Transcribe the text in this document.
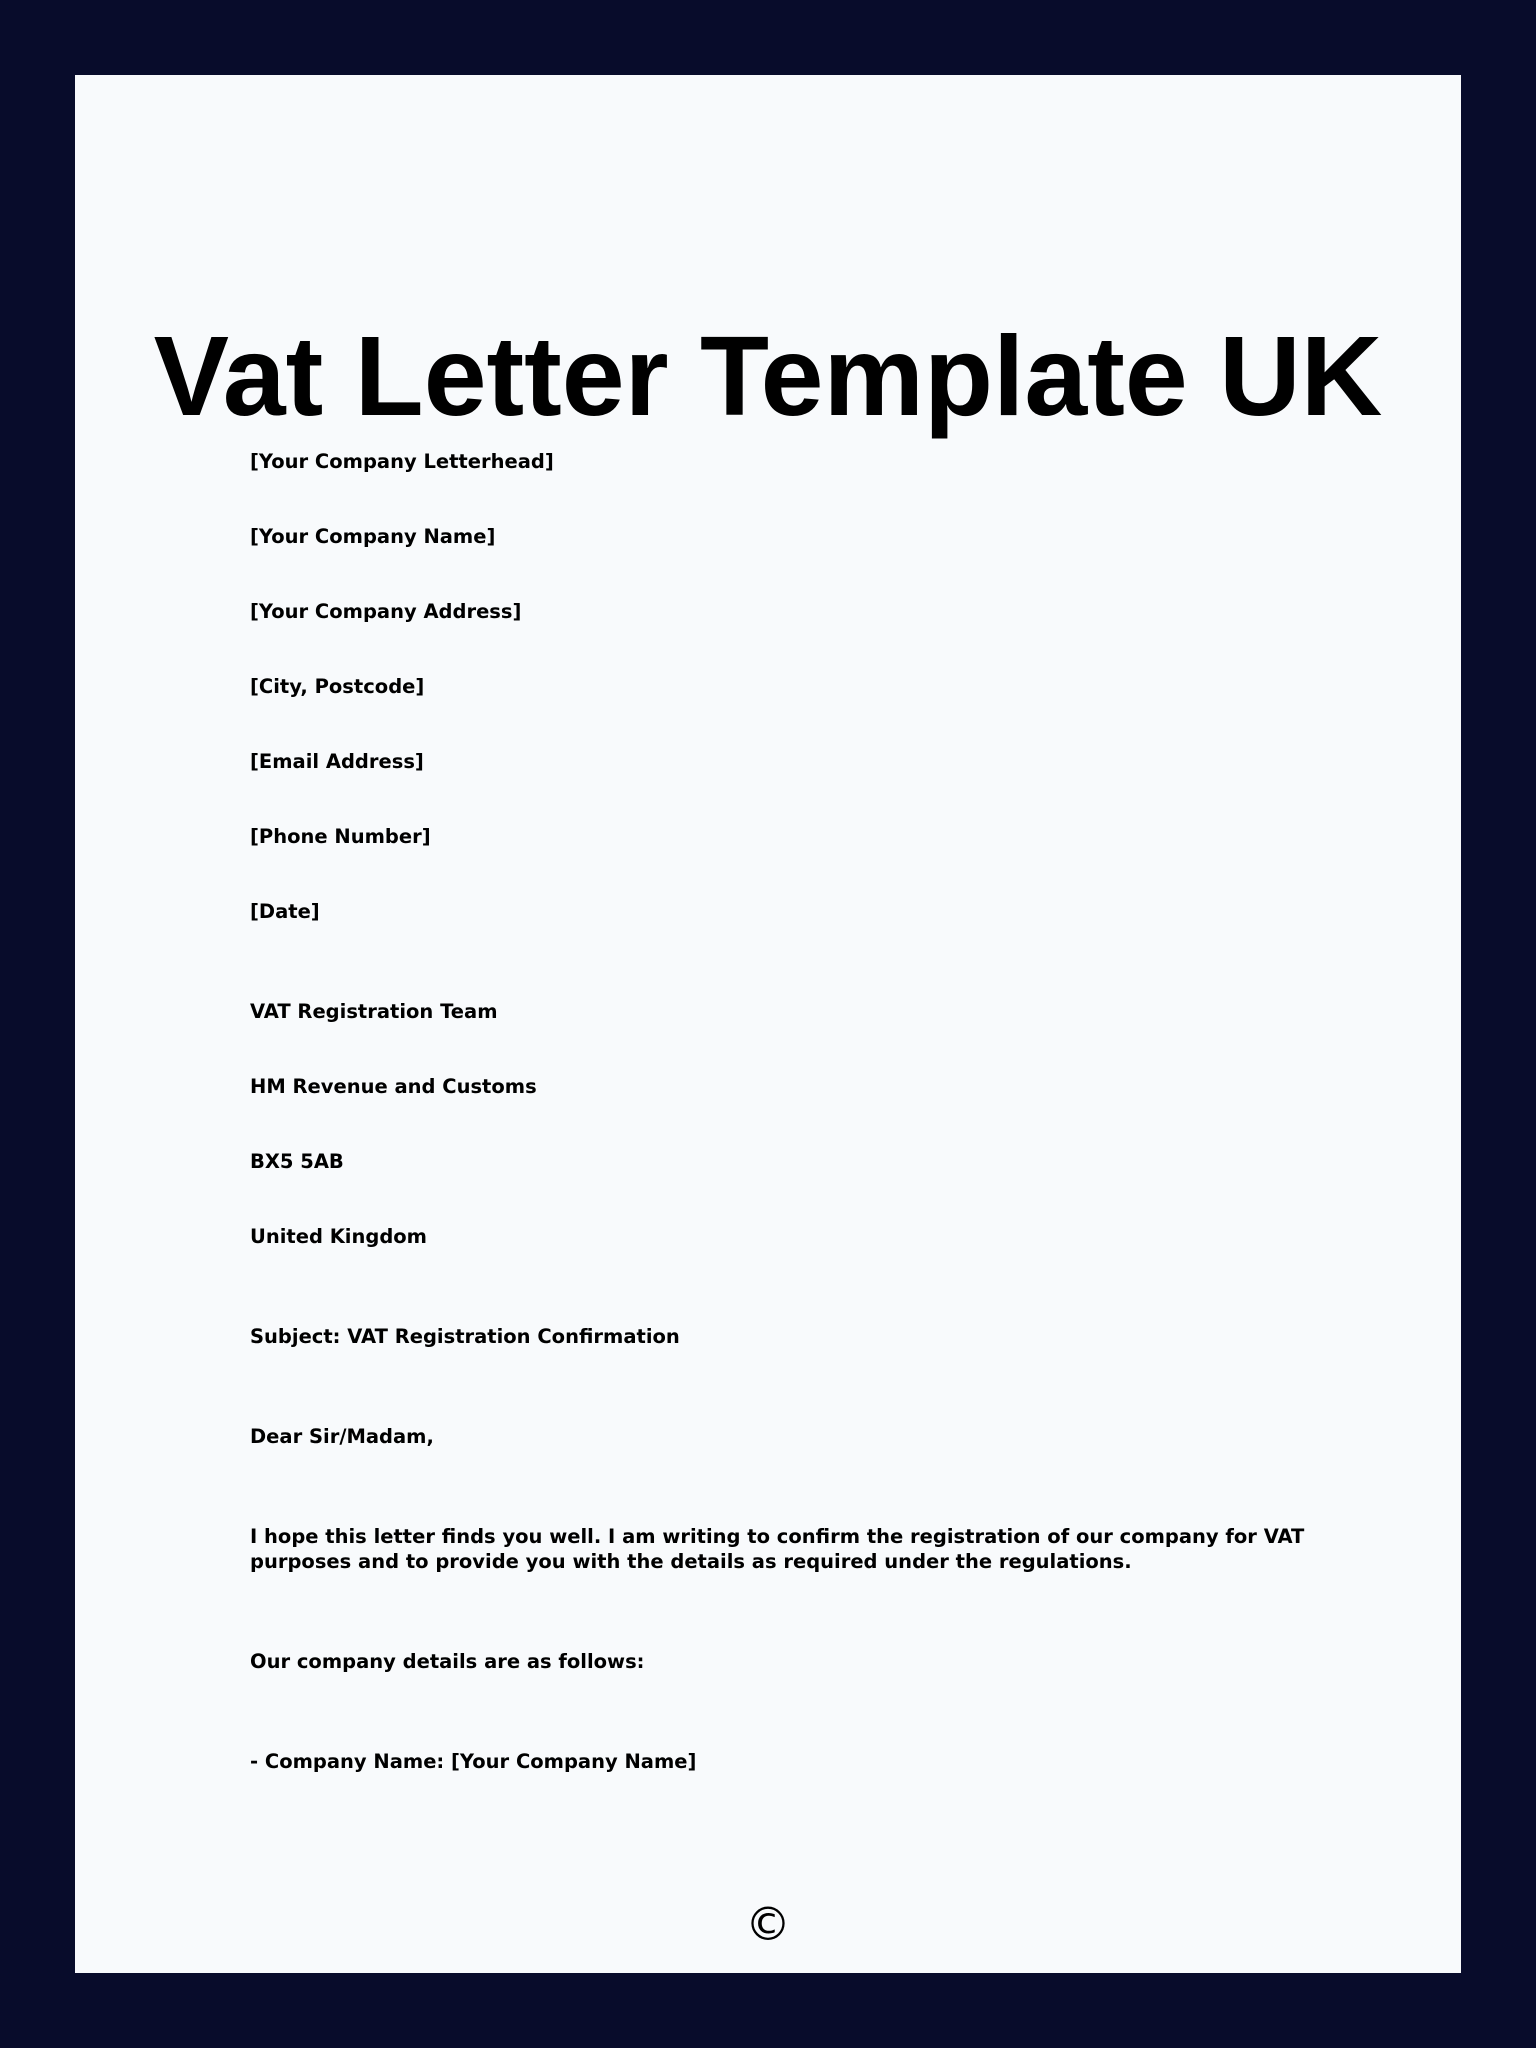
Vat Letter Template UK

[Your Company Letterhead]

[Your Company Name]

[Your Company Address]

[City, Postcode]

[Email Address]

[Phone Number]

[Date]

VAT Registration Team

HM Revenue and Customs

BX5 5AB

United Kingdom

Subject: VAT Registration Confirmation

Dear Sir/Madam,

I hope this letter finds you well. I am writing to confirm the registration of our company for VAT purposes and to provide you with the details as required under the regulations.

Our company details are as follows:

- Company Name: [Your Company Name]

©
